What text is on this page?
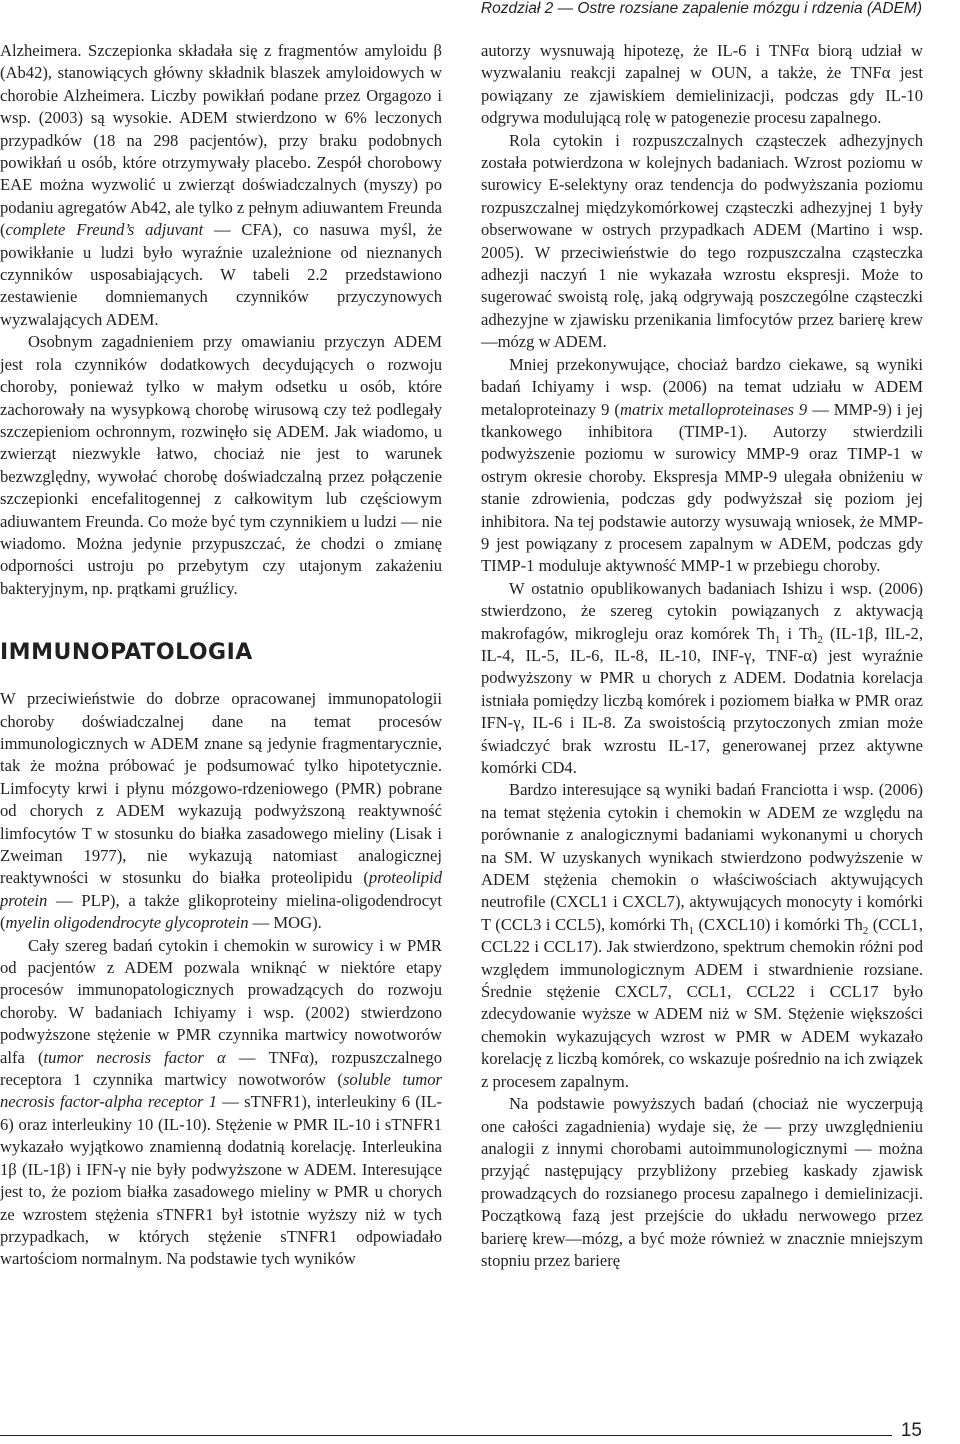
Rozdział 2 — Ostre rozsiane zapalenie mózgu i rdzenia (ADEM)

Alzheimera. Szczepionka składała się z fragmentów amyloidu β (Ab42), stanowiących główny składnik blaszek amyloidowych w chorobie Alzheimera. Liczby powikłań podane przez Orgagozo i wsp. (2003) są wysokie. ADEM stwierdzono w 6% leczonych przypadków (18 na 298 pacjentów), przy braku podobnych powikłań u osób, które otrzymywały placebo. Zespół chorobowy EAE można wyzwolić u zwierząt doświadczalnych (myszy) po podaniu agregatów Ab42, ale tylko z pełnym adiuwantem Freunda (complete Freund’s adjuvant — CFA), co nasuwa myśl, że powikłanie u ludzi było wyraźnie uzależnione od nieznanych czynników usposabiających. W tabeli 2.2 przedstawiono zestawienie domniemanych czynników przyczynowych wyzwalających ADEM.

Osobnym zagadnieniem przy omawianiu przyczyn ADEM jest rola czynników dodatkowych decydujących o rozwoju choroby, ponieważ tylko w małym odsetku u osób, które zachorowały na wysypkową chorobę wirusową czy też podlegały szczepieniom ochronnym, rozwinęło się ADEM. Jak wiadomo, u zwierząt niezwykle łatwo, chociaż nie jest to warunek bezwzględny, wywołać chorobę doświadczalną przez połączenie szczepionki encefalitogennej z całkowitym lub częściowym adiuwantem Freunda. Co może być tym czynnikiem u ludzi — nie wiadomo. Można jedynie przypuszczać, że chodzi o zmianę odporności ustroju po przebytym czy utajonym zakażeniu bakteryjnym, np. prątkami gruźlicy.

IMMUNOPATOLOGIA

W przeciwieństwie do dobrze opracowanej immunopatologii choroby doświadczalnej dane na temat procesów immunologicznych w ADEM znane są jedynie fragmentarycznie, tak że można próbować je podsumować tylko hipotetycznie. Limfocyty krwi i płynu mózgowo-rdzeniowego (PMR) pobrane od chorych z ADEM wykazują podwyższoną reaktywność limfocytów T w stosunku do białka zasadowego mieliny (Lisak i Zweiman 1977), nie wykazują natomiast analogicznej reaktywności w stosunku do białka proteolipidu (proteolipid protein — PLP), a także glikoproteiny mielina-oligodendrocyt (myelin oligodendrocyte glycoprotein — MOG).

Cały szereg badań cytokin i chemokin w surowicy i w PMR od pacjentów z ADEM pozwala wniknąć w niektóre etapy procesów immunopatologicznych prowadzących do rozwoju choroby. W badaniach Ichiyamy i wsp. (2002) stwierdzono podwyższone stężenie w PMR czynnika martwicy nowotworów alfa (tumor necrosis factor α — TNFα), rozpuszczalnego receptora 1 czynnika martwicy nowotworów (soluble tumor necrosis factor-alpha receptor 1 — sTNFR1), interleukiny 6 (IL-6) oraz interleukiny 10 (IL-10). Stężenie w PMR IL-10 i sTNFR1 wykazało wyjątkowo znamienną dodatnią korelację. Interleukina 1β (IL-1β) i IFN-γ nie były podwyższone w ADEM. Interesujące jest to, że poziom białka zasadowego mieliny w PMR u chorych ze wzrostem stężenia sTNFR1 był istotnie wyższy niż w tych przypadkach, w których stężenie sTNFR1 odpowiadało wartościom normalnym. Na podstawie tych wyników

autorzy wysnuwają hipotezę, że IL-6 i TNFα biorą udział w wyzwalaniu reakcji zapalnej w OUN, a także, że TNFα jest powiązany ze zjawiskiem demielinizacji, podczas gdy IL-10 odgrywa modulującą rolę w patogenezie procesu zapalnego.

Rola cytokin i rozpuszczalnych cząsteczek adhezyjnych została potwierdzona w kolejnych badaniach. Wzrost poziomu w surowicy E-selektyny oraz tendencja do podwyższania poziomu rozpuszczalnej międzykomórkowej cząsteczki adhezyjnej 1 były obserwowane w ostrych przypadkach ADEM (Martino i wsp. 2005). W przeciwieństwie do tego rozpuszczalna cząsteczka adhezji naczyń 1 nie wykazała wzrostu ekspresji. Może to sugerować swoistą rolę, jaką odgrywają poszczególne cząsteczki adhezyjne w zjawisku przenikania limfocytów przez barierę krew—mózg w ADEM.

Mniej przekonywujące, chociaż bardzo ciekawe, są wyniki badań Ichiyamy i wsp. (2006) na temat udziału w ADEM metaloproteinazy 9 (matrix metalloproteinases 9 — MMP-9) i jej tkankowego inhibitora (TIMP-1). Autorzy stwierdzili podwyższenie poziomu w surowicy MMP-9 oraz TIMP-1 w ostrym okresie choroby. Ekspresja MMP-9 ulegała obniżeniu w stanie zdrowienia, podczas gdy podwyższał się poziom jej inhibitora. Na tej podstawie autorzy wysuwają wniosek, że MMP-9 jest powiązany z procesem zapalnym w ADEM, podczas gdy TIMP-1 moduluje aktywność MMP-1 w przebiegu choroby.

W ostatnio opublikowanych badaniach Ishizu i wsp. (2006) stwierdzono, że szereg cytokin powiązanych z aktywacją makrofagów, mikrogleju oraz komórek $Th_1$ i $Th_2$ (IL-1β, IlL-2, IL-4, IL-5, IL-6, IL-8, IL-10, INF-γ, TNF-α) jest wyraźnie podwyższony w PMR u chorych z ADEM. Dodatnia korelacja istniała pomiędzy liczbą komórek i poziomem białka w PMR oraz IFN-γ, IL-6 i IL-8. Za swoistością przytoczonych zmian może świadczyć brak wzrostu IL-17, generowanej przez aktywne komórki CD4.

Bardzo interesujące są wyniki badań Franciotta i wsp. (2006) na temat stężenia cytokin i chemokin w ADEM ze względu na porównanie z analogicznymi badaniami wykonanymi u chorych na SM. W uzyskanych wynikach stwierdzono podwyższenie w ADEM stężenia chemokin o właściwościach aktywujących neutrofile (CXCL1 i CXCL7), aktywujących monocyty i komórki T (CCL3 i CCL5), komórki $Th_1$ (CXCL10) i komórki $Th_2$ (CCL1, CCL22 i CCL17). Jak stwierdzono, spektrum chemokin różni pod względem immunologicznym ADEM i stwardnienie rozsiane. Średnie stężenie CXCL7, CCL1, CCL22 i CCL17 było zdecydowanie wyższe w ADEM niż w SM. Stężenie większości chemokin wykazujących wzrost w PMR w ADEM wykazało korelację z liczbą komórek, co wskazuje pośrednio na ich związek z procesem zapalnym.

Na podstawie powyższych badań (chociaż nie wyczerpują one całości zagadnienia) wydaje się, że — przy uwzględnieniu analogii z innymi chorobami autoimmunologicznymi — można przyjąć następujący przybliżony przebieg kaskady zjawisk prowadzących do rozsianego procesu zapalnego i demielinizacji. Początkową fazą jest przejście do układu nerwowego przez barierę krew—mózg, a być może również w znacznie mniejszym stopniu przez barierę

15
